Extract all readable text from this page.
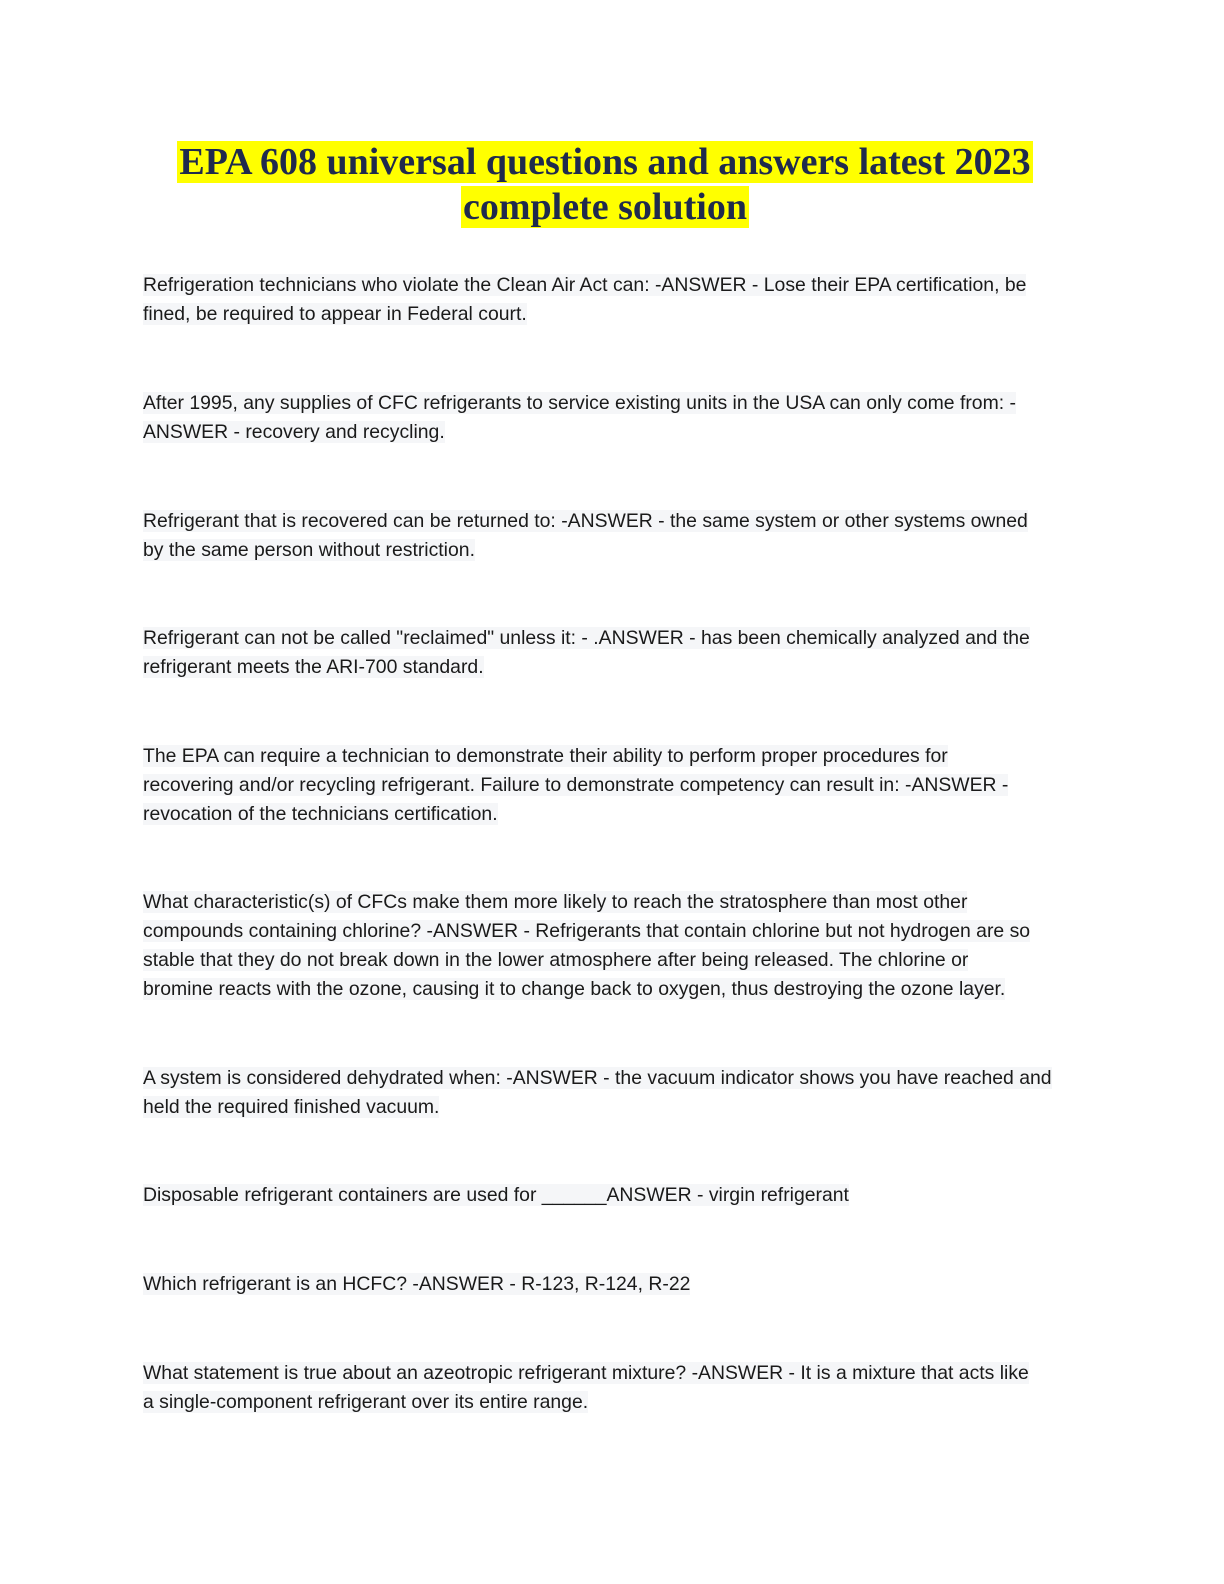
EPA 608 universal questions and answers latest 2023
complete solution

Refrigeration technicians who violate the Clean Air Act can: -ANSWER - Lose their EPA certification, be
fined, be required to appear in Federal court.

After 1995, any supplies of CFC refrigerants to service existing units in the USA can only come from: -
ANSWER - recovery and recycling.

Refrigerant that is recovered can be returned to: -ANSWER - the same system or other systems owned
by the same person without restriction.

Refrigerant can not be called "reclaimed" unless it: - .ANSWER - has been chemically analyzed and the
refrigerant meets the ARI-700 standard.

The EPA can require a technician to demonstrate their ability to perform proper procedures for
recovering and/or recycling refrigerant. Failure to demonstrate competency can result in: -ANSWER -
revocation of the technicians certification.

What characteristic(s) of CFCs make them more likely to reach the stratosphere than most other
compounds containing chlorine? -ANSWER - Refrigerants that contain chlorine but not hydrogen are so
stable that they do not break down in the lower atmosphere after being released. The chlorine or
bromine reacts with the ozone, causing it to change back to oxygen, thus destroying the ozone layer.

A system is considered dehydrated when: -ANSWER - the vacuum indicator shows you have reached and
held the required finished vacuum.

Disposable refrigerant containers are used for ______ANSWER - virgin refrigerant

Which refrigerant is an HCFC? -ANSWER - R-123, R-124, R-22

What statement is true about an azeotropic refrigerant mixture? -ANSWER - It is a mixture that acts like
a single-component refrigerant over its entire range.
